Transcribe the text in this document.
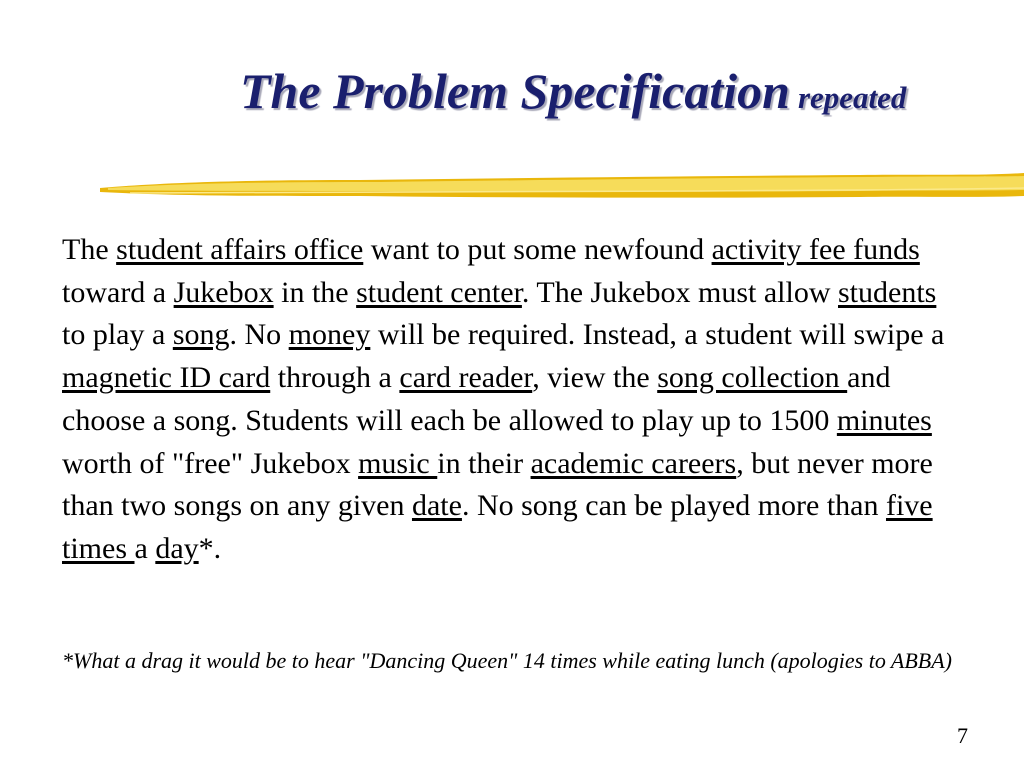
The Problem Specification repeated

The student affairs office want to put some newfound activity fee funds toward a Jukebox in the student center. The Jukebox must allow students to play a song. No money will be required. Instead, a student will swipe a magnetic ID card through a card reader, view the song collection and choose a song. Students will each be allowed to play up to 1500 minutes worth of "free" Jukebox music in their academic careers, but never more than two songs on any given date. No song can be played more than five times a day*.

*What a drag it would be to hear "Dancing Queen" 14 times while eating lunch (apologies to ABBA)

7
